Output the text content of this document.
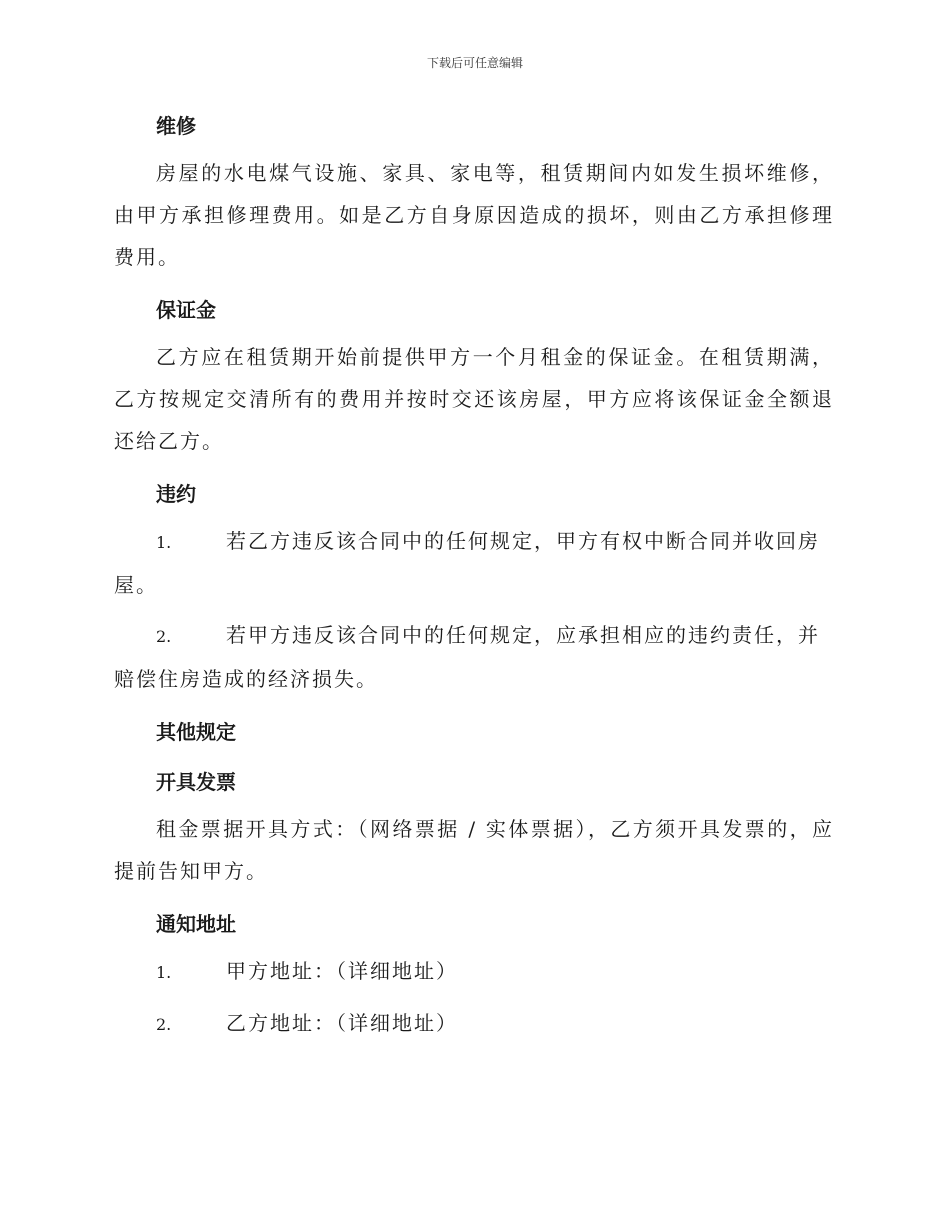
下载后可任意编辑
维修

房屋的水电煤气设施、家具、家电等，租赁期间内如发生损坏维修，由甲方承担修理费用。如是乙方自身原因造成的损坏，则由乙方承担修理费用。

保证金

乙方应在租赁期开始前提供甲方一个月租金的保证金。在租赁期满，乙方按规定交清所有的费用并按时交还该房屋，甲方应将该保证金全额退还给乙方。

违约

1.	若乙方违反该合同中的任何规定，甲方有权中断合同并收回房屋。

2.	若甲方违反该合同中的任何规定，应承担相应的违约责任，并赔偿住房造成的经济损失。

其他规定
开具发票

租金票据开具方式：（网络票据 / 实体票据），乙方须开具发票的，应提前告知甲方。

通知地址

1.	甲方地址：（详细地址）

2.	乙方地址：（详细地址）
